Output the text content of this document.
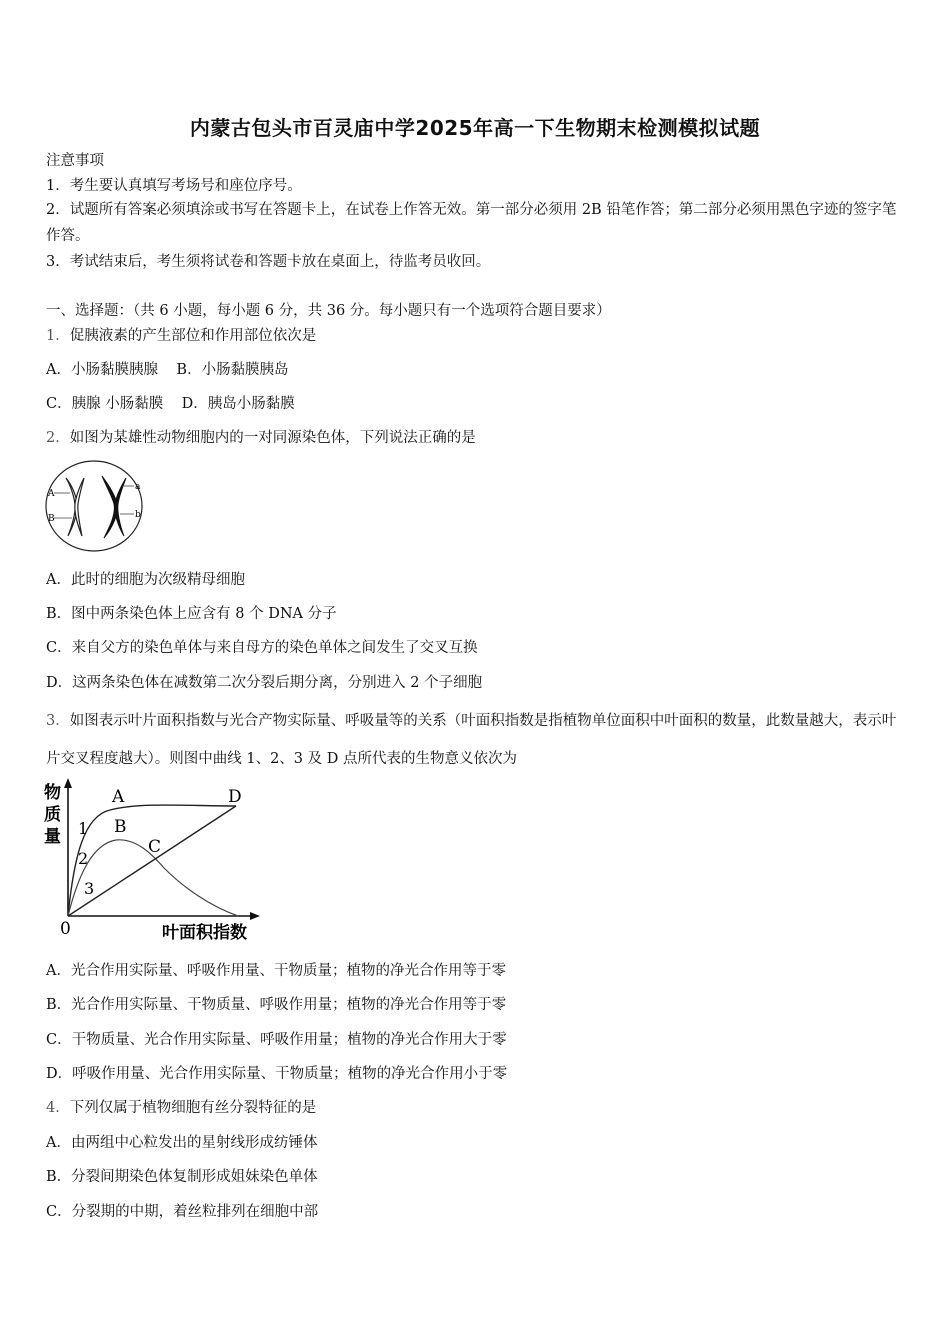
内蒙古包头市百灵庙中学2025年高一下生物期末检测模拟试题
注意事项
1．考生要认真填写考场号和座位序号。
2．试题所有答案必须填涂或书写在答题卡上，在试卷上作答无效。第一部分必须用 2B 铅笔作答；第二部分必须用黑色字迹的签字笔作答。
3．考试结束后，考生须将试卷和答题卡放在桌面上，待监考员收回。
一、选择题：（共 6 小题，每小题 6 分，共 36 分。每小题只有一个选项符合题目要求）
1．促胰液素的产生部位和作用部位依次是
A．小肠黏膜胰腺    B．小肠黏膜胰岛
C．胰腺 小肠黏膜    D．胰岛小肠黏膜
2．如图为某雄性动物细胞内的一对同源染色体，下列说法正确的是
A
B
a
b
A．此时的细胞为次级精母细胞
B．图中两条染色体上应含有 8 个 DNA 分子
C．来自父方的染色单体与来自母方的染色单体之间发生了交叉互换
D．这两条染色体在减数第二次分裂后期分离，分别进入 2 个子细胞
3．如图表示叶片面积指数与光合产物实际量、呼吸量等的关系（叶面积指数是指植物单位面积中叶面积的数量，此数量越大，表示叶片交叉程度越大）。则图中曲线 1、2、3 及 D 点所代表的生物意义依次为
物
质
量 1
2
3
A
B
C
D
0	叶面积指数
A．光合作用实际量、呼吸作用量、干物质量；植物的净光合作用等于零
B．光合作用实际量、干物质量、呼吸作用量；植物的净光合作用等于零
C．干物质量、光合作用实际量、呼吸作用量；植物的净光合作用大于零
D．呼吸作用量、光合作用实际量、干物质量；植物的净光合作用小于零
4．下列仅属于植物细胞有丝分裂特征的是
A．由两组中心粒发出的星射线形成纺锤体
B．分裂间期染色体复制形成姐妹染色单体
C．分裂期的中期，着丝粒排列在细胞中部
